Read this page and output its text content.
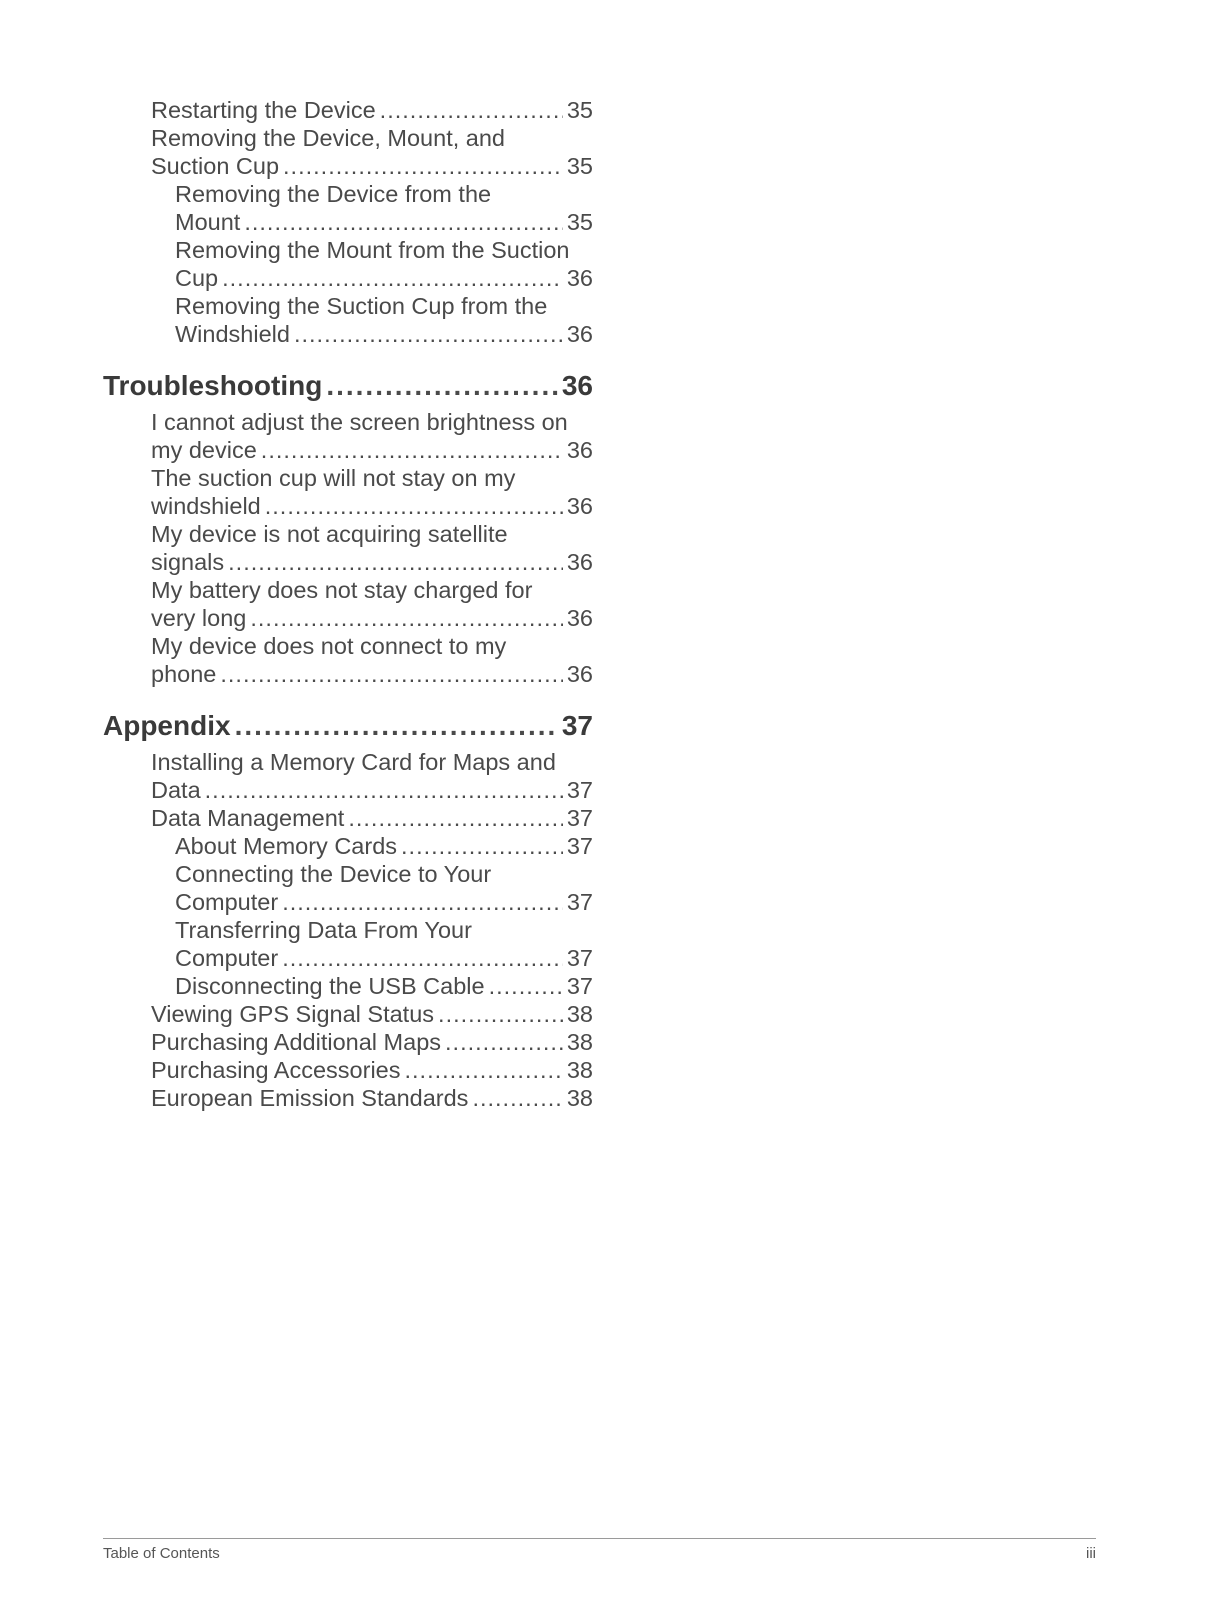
Restarting the Device .....	35
Removing the Device, Mount, and
Suction Cup .....	35
Removing the Device from the
Mount .....	35
Removing the Mount from the Suction
Cup .....	36
Removing the Suction Cup from the
Windshield .....	36
Troubleshooting .....	36
I cannot adjust the screen brightness on
my device .....	36
The suction cup will not stay on my
windshield .....	36
My device is not acquiring satellite
signals .....	36
My battery does not stay charged for
very long .....	36
My device does not connect to my
phone .....	36
Appendix .....	37
Installing a Memory Card for Maps and
Data .....	37
Data Management .....	37
About Memory Cards .....	37
Connecting the Device to Your
Computer .....	37
Transferring Data From Your
Computer .....	37
Disconnecting the USB Cable .....	37
Viewing GPS Signal Status .....	38
Purchasing Additional Maps .....	38
Purchasing Accessories .....	38
European Emission Standards .....	38
Table of Contents	iii
